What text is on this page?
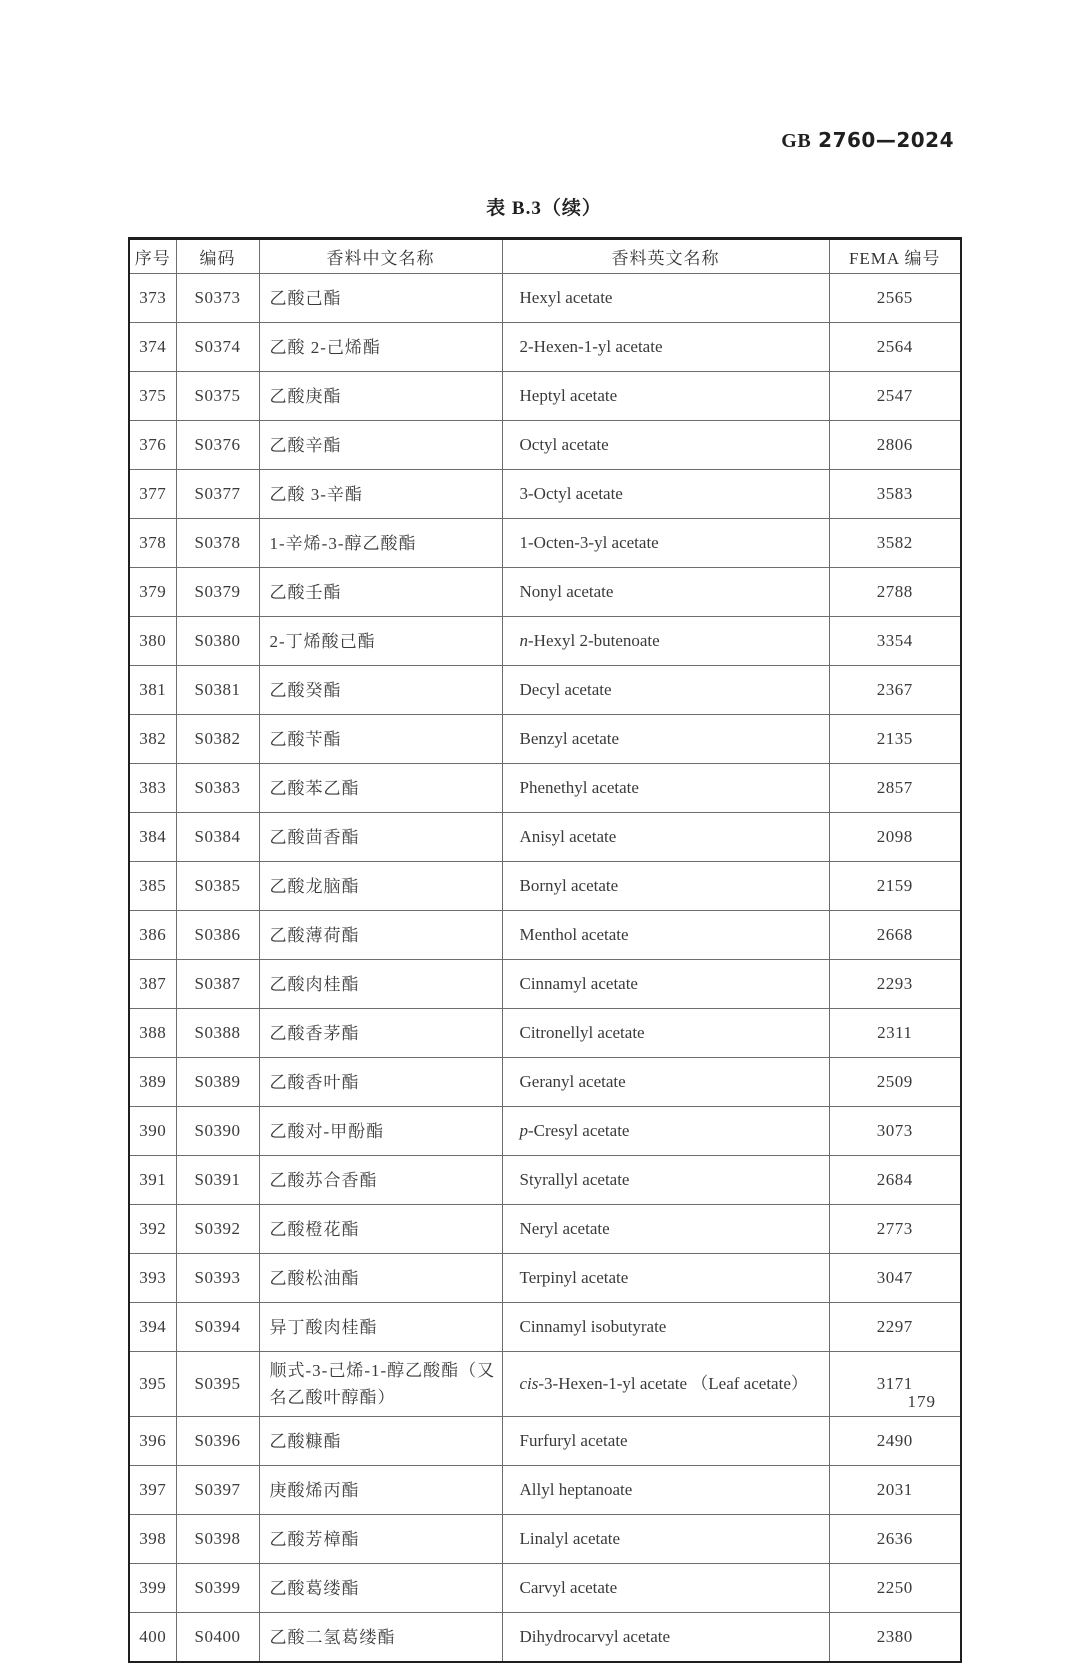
GB 2760—2024
表 B.3（续）
序号	编码	香料中文名称	香料英文名称	FEMA 编号
373	S0373	乙酸己酯	Hexyl acetate	2565
374	S0374	乙酸 2-己烯酯	2-Hexen-1-yl acetate	2564
375	S0375	乙酸庚酯	Heptyl acetate	2547
376	S0376	乙酸辛酯	Octyl acetate	2806
377	S0377	乙酸 3-辛酯	3-Octyl acetate	3583
378	S0378	1-辛烯-3-醇乙酸酯	1-Octen-3-yl acetate	3582
379	S0379	乙酸壬酯	Nonyl acetate	2788
380	S0380	2-丁烯酸己酯	n-Hexyl 2-butenoate	3354
381	S0381	乙酸癸酯	Decyl acetate	2367
382	S0382	乙酸苄酯	Benzyl acetate	2135
383	S0383	乙酸苯乙酯	Phenethyl acetate	2857
384	S0384	乙酸茴香酯	Anisyl acetate	2098
385	S0385	乙酸龙脑酯	Bornyl acetate	2159
386	S0386	乙酸薄荷酯	Menthol acetate	2668
387	S0387	乙酸肉桂酯	Cinnamyl acetate	2293
388	S0388	乙酸香茅酯	Citronellyl acetate	2311
389	S0389	乙酸香叶酯	Geranyl acetate	2509
390	S0390	乙酸对-甲酚酯	p-Cresyl acetate	3073
391	S0391	乙酸苏合香酯	Styrallyl acetate	2684
392	S0392	乙酸橙花酯	Neryl acetate	2773
393	S0393	乙酸松油酯	Terpinyl acetate	3047
394	S0394	异丁酸肉桂酯	Cinnamyl isobutyrate	2297
395	S0395	顺式-3-己烯-1-醇乙酸酯（又名乙酸叶醇酯）	cis-3-Hexen-1-yl acetate （Leaf acetate）	3171
396	S0396	乙酸糠酯	Furfuryl acetate	2490
397	S0397	庚酸烯丙酯	Allyl heptanoate	2031
398	S0398	乙酸芳樟酯	Linalyl acetate	2636
399	S0399	乙酸葛缕酯	Carvyl acetate	2250
400	S0400	乙酸二氢葛缕酯	Dihydrocarvyl acetate	2380
179
